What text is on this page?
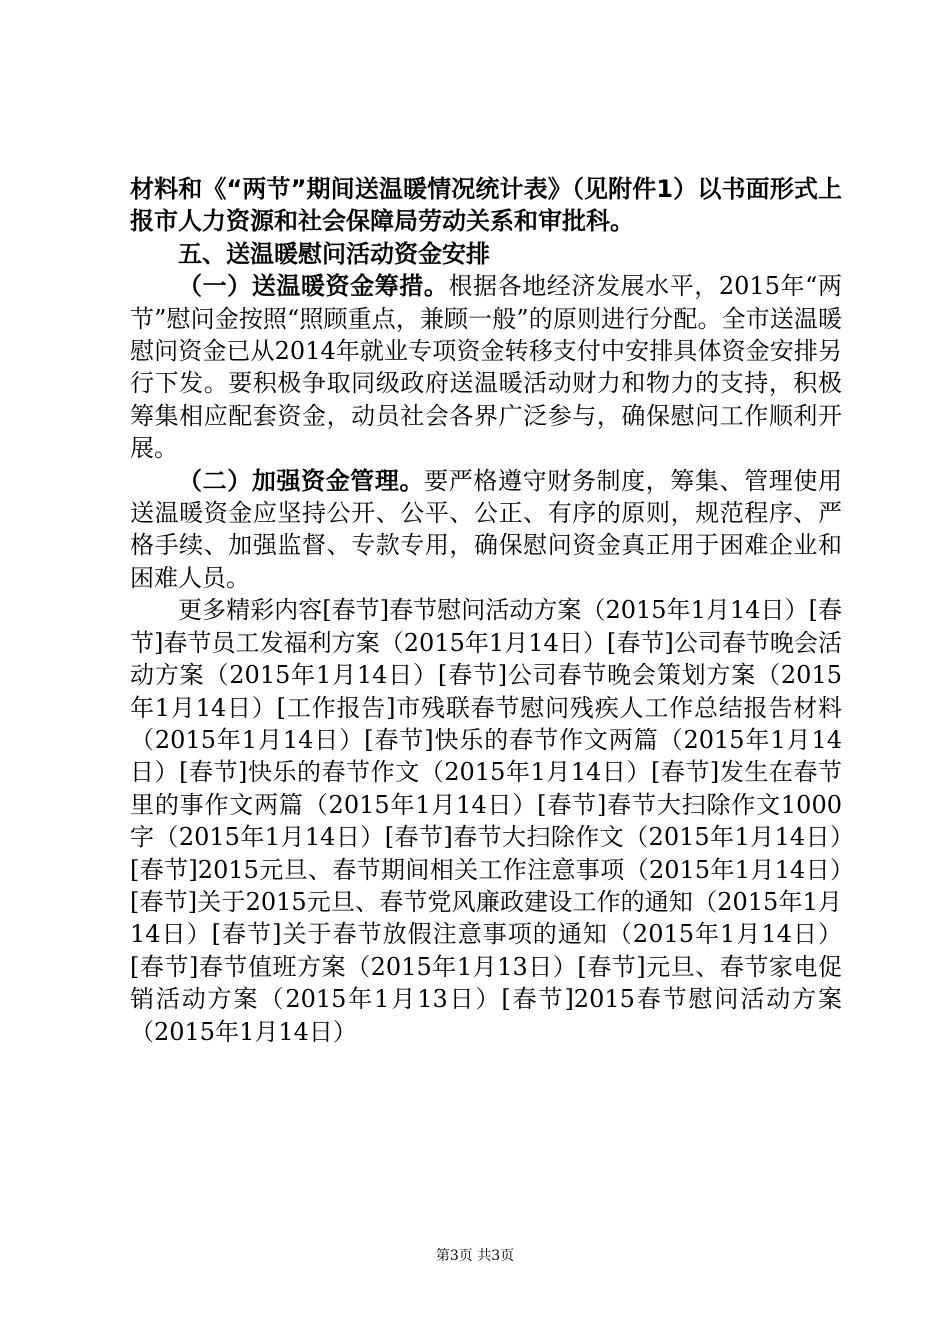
材料和《“两节”期间送温暖情况统计表》（见附件1）以书面形式上报市人力资源和社会保障局劳动关系和审批科。

五、送温暖慰问活动资金安排

（一）送温暖资金筹措。根据各地经济发展水平，2015年“两节”慰问金按照“照顾重点，兼顾一般”的原则进行分配。全市送温暖慰问资金已从2014年就业专项资金转移支付中安排具体资金安排另行下发。要积极争取同级政府送温暖活动财力和物力的支持，积极筹集相应配套资金，动员社会各界广泛参与，确保慰问工作顺利开展。

（二）加强资金管理。要严格遵守财务制度，筹集、管理使用送温暖资金应坚持公开、公平、公正、有序的原则，规范程序、严格手续、加强监督、专款专用，确保慰问资金真正用于困难企业和困难人员。

更多精彩内容[春节]春节慰问活动方案（2015年1月14日）[春节]春节员工发福利方案（2015年1月14日）[春节]公司春节晚会活动方案（2015年1月14日）[春节]公司春节晚会策划方案（2015年1月14日）[工作报告]市残联春节慰问残疾人工作总结报告材料（2015年1月14日）[春节]快乐的春节作文两篇（2015年1月14日）[春节]快乐的春节作文（2015年1月14日）[春节]发生在春节里的事作文两篇（2015年1月14日）[春节]春节大扫除作文1000字（2015年1月14日）[春节]春节大扫除作文（2015年1月14日）[春节]2015元旦、春节期间相关工作注意事项（2015年1月14日）[春节]关于2015元旦、春节党风廉政建设工作的通知（2015年1月14日）[春节]关于春节放假注意事项的通知（2015年1月14日）[春节]春节值班方案（2015年1月13日）[春节]元旦、春节家电促销活动方案（2015年1月13日）[春节]2015春节慰问活动方案（2015年1月14日）

第3页 共3页
